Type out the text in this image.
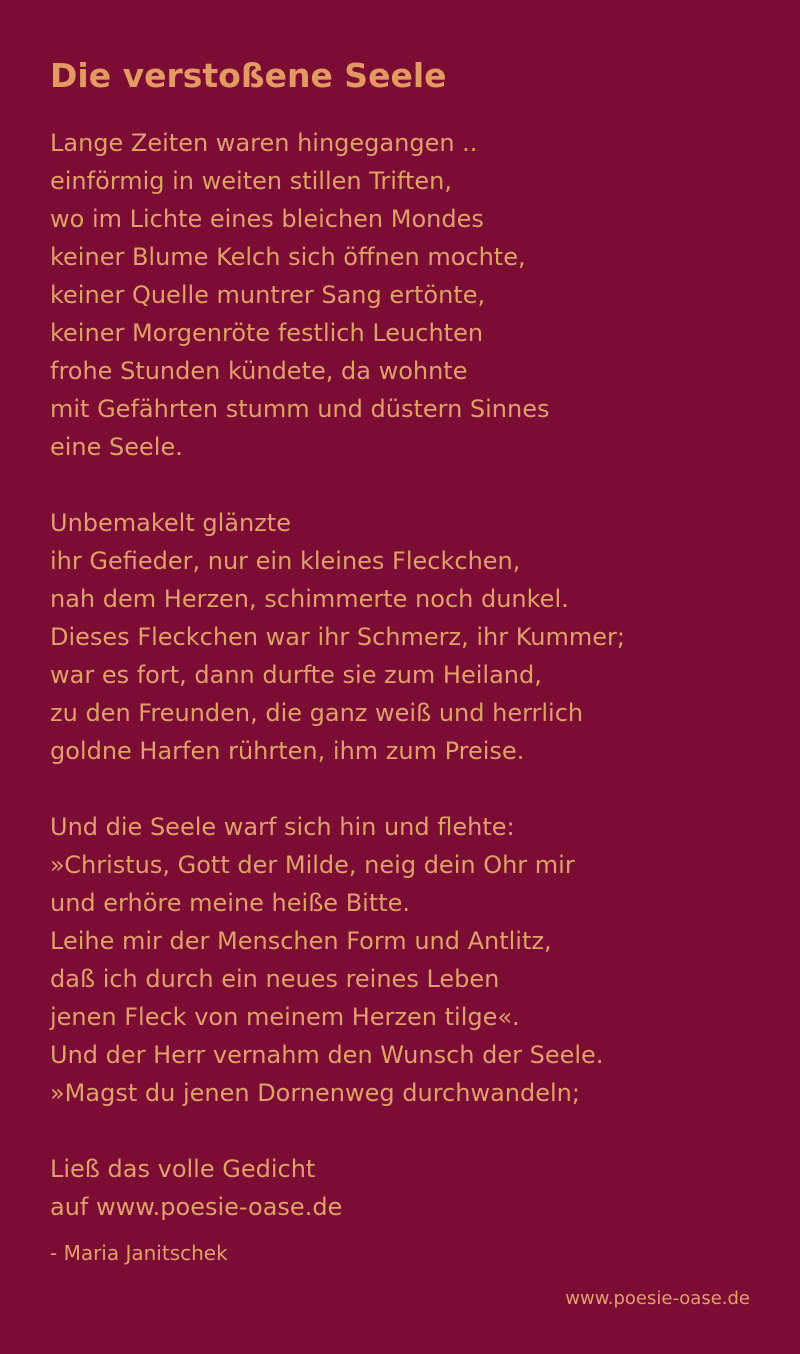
Die verstoßene Seele
Lange Zeiten waren hingegangen ..
einförmig in weiten stillen Triften,
wo im Lichte eines bleichen Mondes
keiner Blume Kelch sich öffnen mochte,
keiner Quelle muntrer Sang ertönte,
keiner Morgenröte festlich Leuchten
frohe Stunden kündete, da wohnte
mit Gefährten stumm und düstern Sinnes
eine Seele.
Unbemakelt glänzte
ihr Gefieder, nur ein kleines Fleckchen,
nah dem Herzen, schimmerte noch dunkel.
Dieses Fleckchen war ihr Schmerz, ihr Kummer;
war es fort, dann durfte sie zum Heiland,
zu den Freunden, die ganz weiß und herrlich
goldne Harfen rührten, ihm zum Preise.
Und die Seele warf sich hin und flehte:
»Christus, Gott der Milde, neig dein Ohr mir
und erhöre meine heiße Bitte.
Leihe mir der Menschen Form und Antlitz,
daß ich durch ein neues reines Leben
jenen Fleck von meinem Herzen tilge«.
Und der Herr vernahm den Wunsch der Seele.
»Magst du jenen Dornenweg durchwandeln;
Ließ das volle Gedicht
auf www.poesie-oase.de
- Maria Janitschek
www.poesie-oase.de
